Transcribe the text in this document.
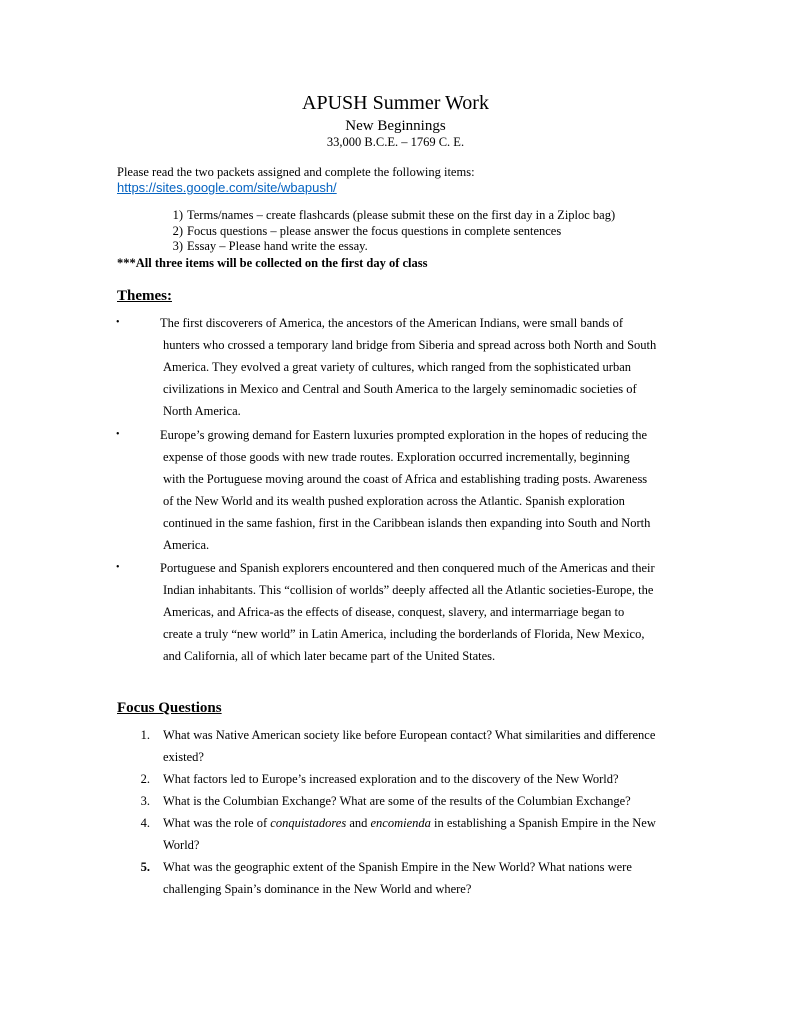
APUSH Summer Work
New Beginnings
33,000 B.C.E. – 1769 C. E.
Please read the two packets assigned and complete the following items:
https://sites.google.com/site/wbapush/
1) Terms/names – create flashcards (please submit these on the first day in a Ziploc bag)
2) Focus questions – please answer the focus questions in complete sentences
3) Essay – Please hand write the essay.
***All three items will be collected on the first day of class
Themes:
•	The first discoverers of America, the ancestors of the American Indians, were small bands of
hunters who crossed a temporary land bridge from Siberia and spread across both North and South
America. They evolved a great variety of cultures, which ranged from the sophisticated urban
civilizations in Mexico and Central and South America to the largely seminomadic societies of
North America.
•	Europe’s growing demand for Eastern luxuries prompted exploration in the hopes of reducing the
expense of those goods with new trade routes. Exploration occurred incrementally, beginning
with the Portuguese moving around the coast of Africa and establishing trading posts. Awareness
of the New World and its wealth pushed exploration across the Atlantic. Spanish exploration
continued in the same fashion, first in the Caribbean islands then expanding into South and North
America.
•	Portuguese and Spanish explorers encountered and then conquered much of the Americas and their
Indian inhabitants. This “collision of worlds” deeply affected all the Atlantic societies-Europe, the
Americas, and Africa-as the effects of disease, conquest, slavery, and intermarriage began to
create a truly “new world” in Latin America, including the borderlands of Florida, New Mexico,
and California, all of which later became part of the United States.
Focus Questions
1. What was Native American society like before European contact? What similarities and difference
existed?
2. What factors led to Europe’s increased exploration and to the discovery of the New World?
3. What is the Columbian Exchange? What are some of the results of the Columbian Exchange?
4. What was the role of conquistadores and encomienda in establishing a Spanish Empire in the New
World?
5. What was the geographic extent of the Spanish Empire in the New World? What nations were
challenging Spain’s dominance in the New World and where?
